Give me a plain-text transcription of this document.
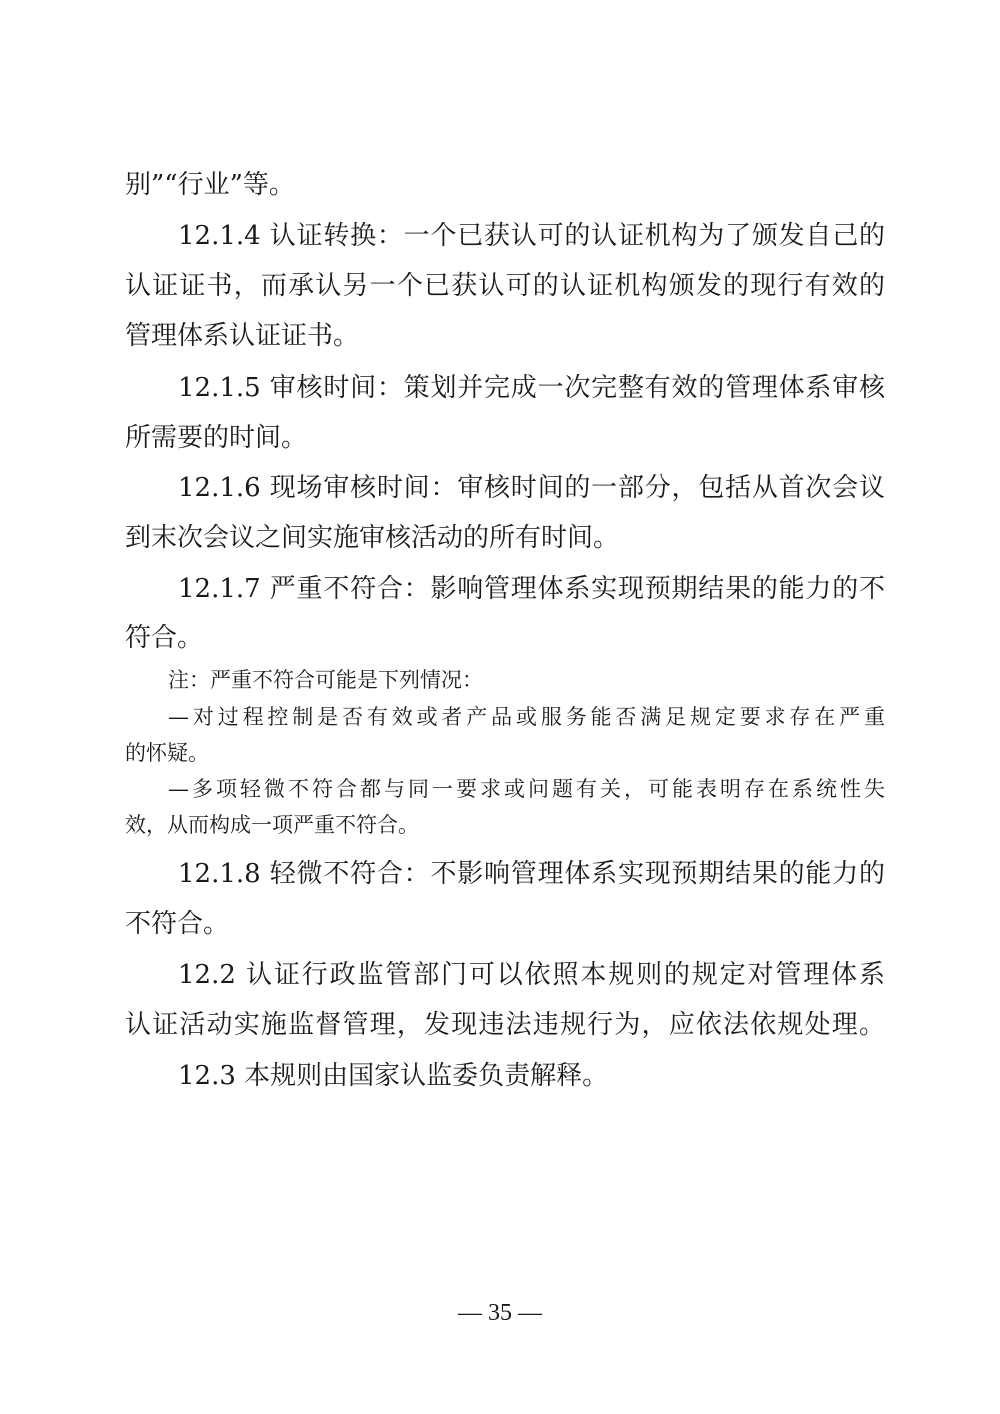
别”“行业”等。
12.1.4 认证转换：一个已获认可的认证机构为了颁发自己的
认证证书，而承认另一个已获认可的认证机构颁发的现行有效的
管理体系认证证书。
12.1.5 审核时间：策划并完成一次完整有效的管理体系审核
所需要的时间。
12.1.6 现场审核时间：审核时间的一部分，包括从首次会议
到末次会议之间实施审核活动的所有时间。
12.1.7 严重不符合：影响管理体系实现预期结果的能力的不
符合。
注：严重不符合可能是下列情况：
—对过程控制是否有效或者产品或服务能否满足规定要求存在严重
的怀疑。
—多项轻微不符合都与同一要求或问题有关，可能表明存在系统性失
效，从而构成一项严重不符合。
12.1.8 轻微不符合：不影响管理体系实现预期结果的能力的
不符合。
12.2 认证行政监管部门可以依照本规则的规定对管理体系
认证活动实施监督管理，发现违法违规行为，应依法依规处理。
12.3 本规则由国家认监委负责解释。
— 35 —
